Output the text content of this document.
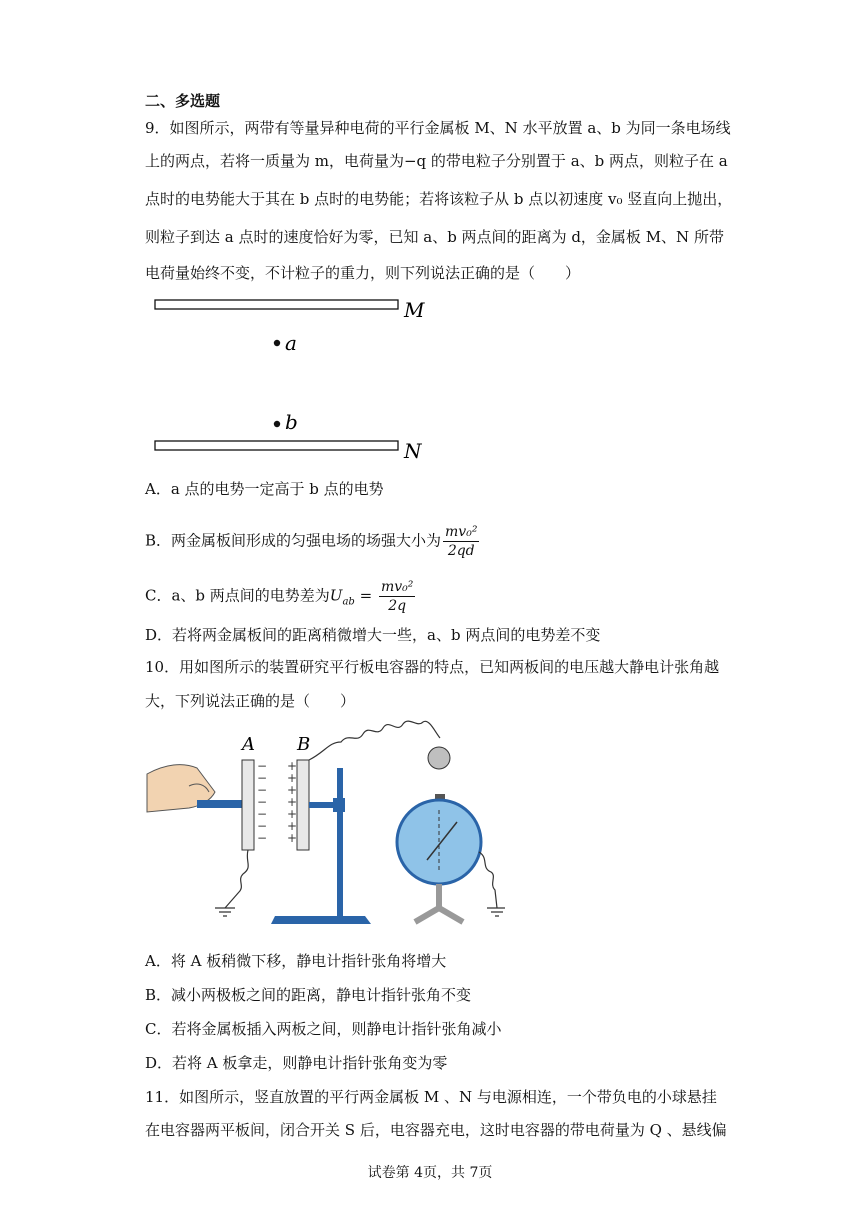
二、多选题
9．如图所示，两带有等量异种电荷的平行金属板 M、N 水平放置 a、b 为同一条电场线
上的两点，若将一质量为 m，电荷量为−q 的带电粒子分别置于 a、b 两点，则粒子在 a
点时的电势能大于其在 b 点时的电势能；若将该粒子从 b 点以初速度 v₀ 竖直向上抛出，
则粒子到达 a 点时的速度恰好为零，已知 a、b 两点间的距离为 d，金属板 M、N 所带
电荷量始终不变，不计粒子的重力，则下列说法正确的是（　　）
M
a
b
N
A．a 点的电势一定高于 b 点的电势
B．两金属板间形成的匀强电场的场强大小为 $\frac{\text{mv₀²}}{2qd}$
C．a、b 两点间的电势差为$U_{ab} = \frac{\text{mv₀²}}{2q}$
D．若将两金属板间的距离稍微增大一些，a、b 两点间的电势差不变
10．用如图所示的装置研究平行板电容器的特点，已知两板间的电压越大静电计张角越
大，下列说法正确的是（　　）
A
−
−
−
−
−
−
−
B
+
+
+
+
+
+
+
A．将 A 板稍微下移，静电计指针张角将增大
B．减小两极板之间的距离，静电计指针张角不变
C．若将金属板插入两板之间，则静电计指针张角减小
D．若将 A 板拿走，则静电计指针张角变为零
11．如图所示，竖直放置的平行两金属板 M 、N 与电源相连，一个带负电的小球悬挂
在电容器两平板间，闭合开关 S 后，电容器充电，这时电容器的带电荷量为 Q 、悬线偏
试卷第 4页，共 7页
